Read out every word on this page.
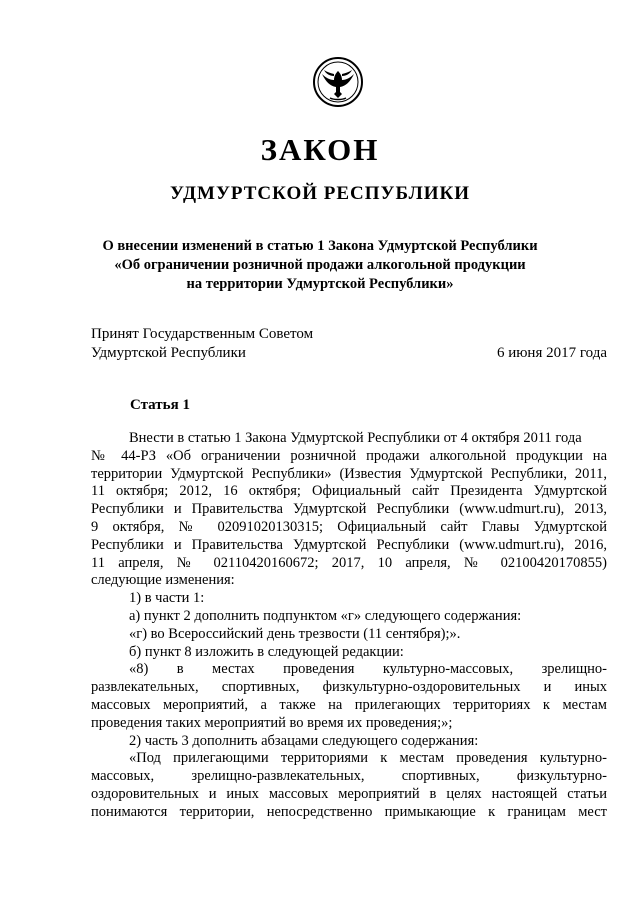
ЗАКОН
УДМУРТСКОЙ РЕСПУБЛИКИ
О внесении изменений в статью 1 Закона Удмуртской Республики
«Об ограничении розничной продажи алкогольной продукции
на территории Удмуртской Республики»
Принят Государственным Советом
Удмуртской Республики	6 июня 2017 года
Статья 1
Внести в статью 1 Закона Удмуртской Республики от 4 октября 2011 года
№ 44-РЗ «Об ограничении розничной продажи алкогольной продукции на
территории Удмуртской Республики» (Известия Удмуртской Республики, 2011,
11 октября; 2012, 16 октября; Официальный сайт Президента Удмуртской
Республики и Правительства Удмуртской Республики (www.udmurt.ru), 2013,
9 октября, № 02091020130315; Официальный сайт Главы Удмуртской
Республики и Правительства Удмуртской Республики (www.udmurt.ru), 2016,
11 апреля, № 02110420160672; 2017, 10 апреля, № 02100420170855)
следующие изменения:
1) в части 1:
а) пункт 2 дополнить подпунктом «г» следующего содержания:
«г) во Всероссийский день трезвости (11 сентября);».
б) пункт 8 изложить в следующей редакции:
«8) в местах проведения культурно-массовых, зрелищно-
развлекательных, спортивных, физкультурно-оздоровительных и иных
массовых мероприятий, а также на прилегающих территориях к местам
проведения таких мероприятий во время их проведения;»;
2) часть 3 дополнить абзацами следующего содержания:
«Под прилегающими территориями к местам проведения культурно-
массовых, зрелищно-развлекательных, спортивных, физкультурно-
оздоровительных и иных массовых мероприятий в целях настоящей статьи
понимаются территории, непосредственно примыкающие к границам мест
